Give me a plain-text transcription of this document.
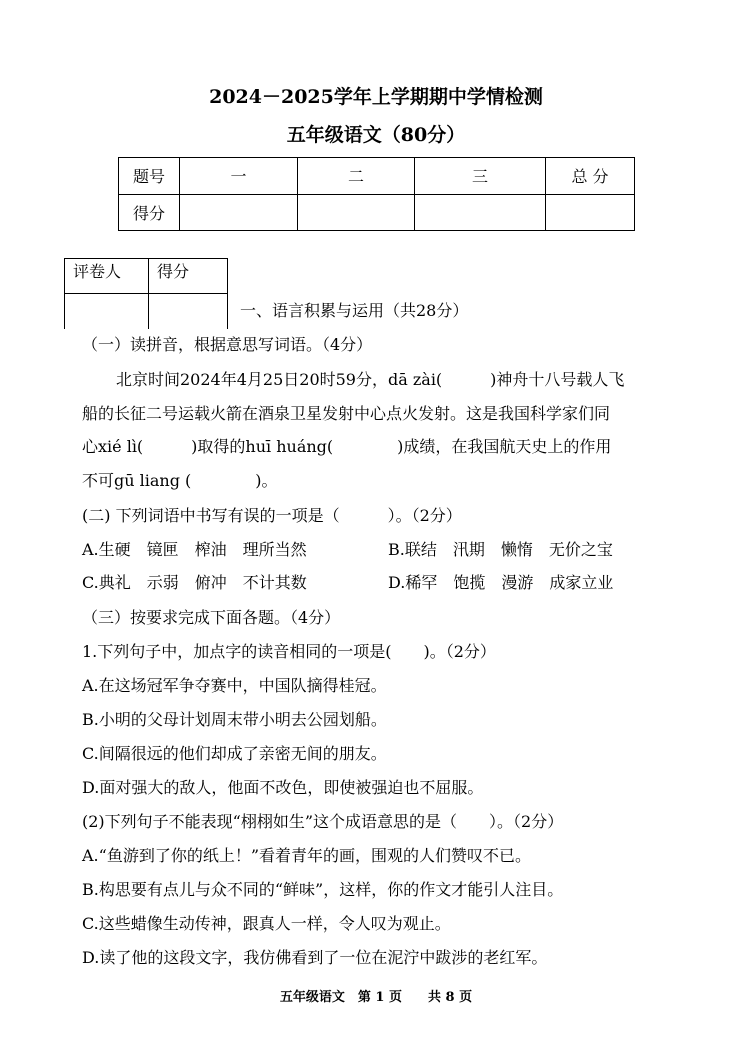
2024－2025学年上学期期中学情检测
五年级语文（80分）
题号	一	二	三	总 分
得分				
评卷人	得分

一、语言积累与运用（共28分）
（一）读拼音，根据意思写词语。（4分）
北京时间2024年4月25日20时59分，dā zài(　　　)神舟十八号载人飞
船的长征二号运载火箭在酒泉卫星发射中心点火发射。这是我国科学家们同
心xié lì(　　　)取得的huī huáng(　　　　)成绩，在我国航天史上的作用
不可gū liang (　　　　)。
(二) 下列词语中书写有误的一项是（　　　）。（2分）
A.生硬　镜匣　榨油　理所当然	B.联结　汛期　懒惰　无价之宝
C.典礼　示弱　俯冲　不计其数	D.稀罕　饱揽　漫游　成家立业
（三）按要求完成下面各题。（4分）
1.下列句子中，加点字的读音相同的一项是(　　)。（2分）
A.在这场冠军争夺赛中，中国队摘得桂冠。
B.小明的父母计划周末带小明去公园划船。
C.间隔很远的他们却成了亲密无间的朋友。
D.面对强大的敌人，他面不改色，即使被强迫也不屈服。
(2)下列句子不能表现“栩栩如生”这个成语意思的是（　　）。（2分）
A.“鱼游到了你的纸上！”看着青年的画，围观的人们赞叹不已。
B.构思要有点儿与众不同的“鲜味”，这样，你的作文才能引人注目。
C.这些蜡像生动传神，跟真人一样，令人叹为观止。
D.读了他的这段文字，我仿佛看到了一位在泥泞中跋涉的老红军。
五年级语文　第 1 页　　共 8 页
